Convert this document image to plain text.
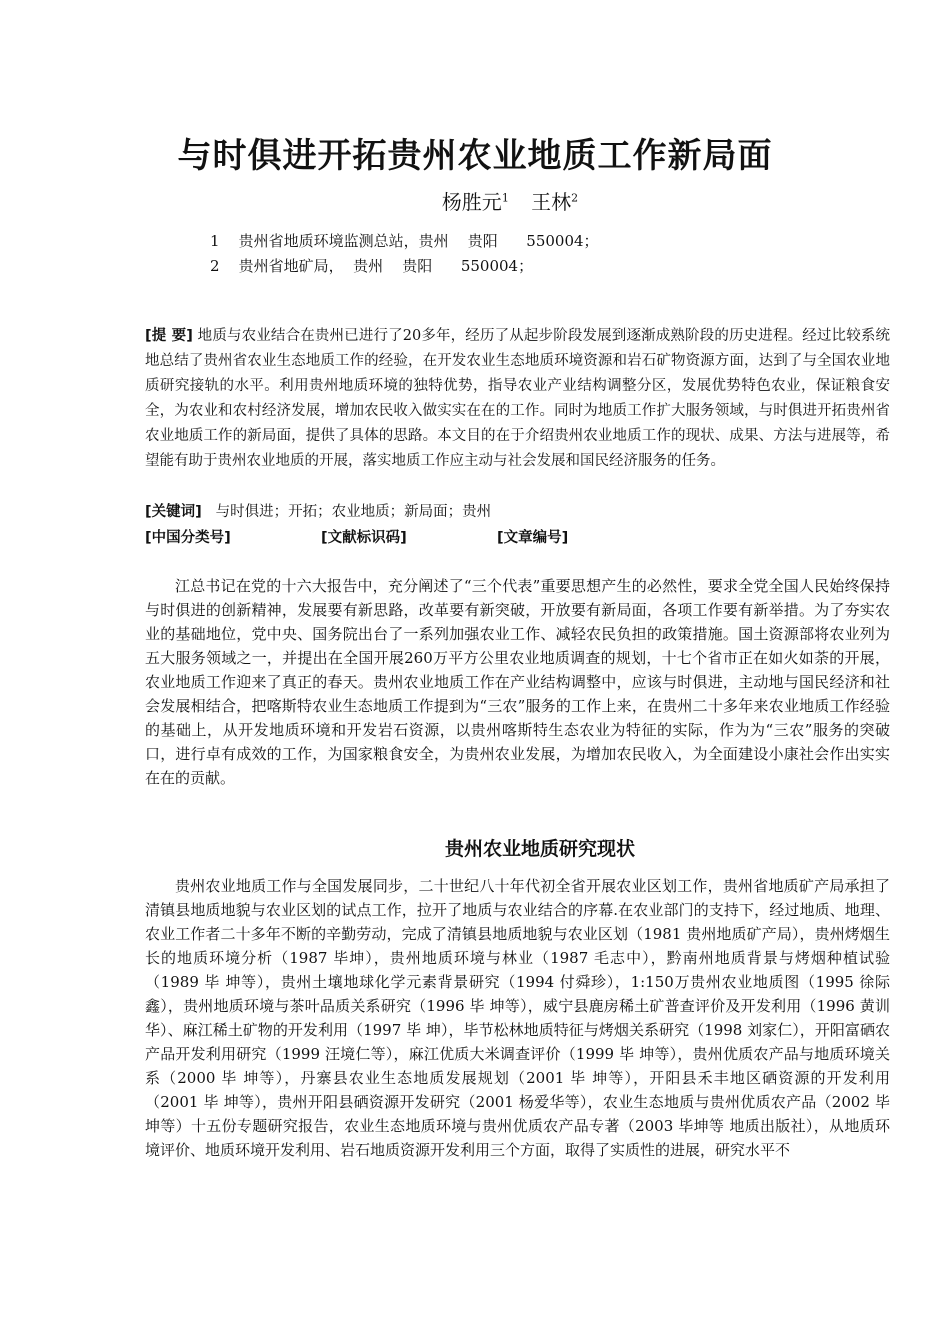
与时俱进开拓贵州农业地质工作新局面

杨胜元$^1$ 王林$^2$

1    贵州省地质环境监测总站，贵州    贵阳      550004；

2    贵州省地矿局，  贵州    贵阳      550004；

[提 要] 地质与农业结合在贵州已进行了20多年，经历了从起步阶段发展到逐渐成熟阶段的历史进程。经过比较系统地总结了贵州省农业生态地质工作的经验，在开发农业生态地质环境资源和岩石矿物资源方面，达到了与全国农业地质研究接轨的水平。利用贵州地质环境的独特优势，指导农业产业结构调整分区，发展优势特色农业，保证粮食安全，为农业和农村经济发展，增加农民收入做实实在在的工作。同时为地质工作扩大服务领域，与时俱进开拓贵州省农业地质工作的新局面，提供了具体的思路。本文目的在于介绍贵州农业地质工作的现状、成果、方法与进展等，希望能有助于贵州农业地质的开展，落实地质工作应主动与社会发展和国民经济服务的任务。

[关键词] 与时俱进；开拓；农业地质；新局面；贵州

[中国分类号]	[文献标识码]	[文章编号]

江总书记在党的十六大报告中，充分阐述了“三个代表”重要思想产生的必然性，要求全党全国人民始终保持与时俱进的创新精神，发展要有新思路，改革要有新突破，开放要有新局面，各项工作要有新举措。为了夯实农业的基础地位，党中央、国务院出台了一系列加强农业工作、减轻农民负担的政策措施。国土资源部将农业列为五大服务领域之一，并提出在全国开展260万平方公里农业地质调查的规划，十七个省市正在如火如荼的开展，农业地质工作迎来了真正的春天。贵州农业地质工作在产业结构调整中，应该与时俱进，主动地与国民经济和社会发展相结合，把喀斯特农业生态地质工作提到为“三农”服务的工作上来，在贵州二十多年来农业地质工作经验的基础上，从开发地质环境和开发岩石资源，以贵州喀斯特生态农业为特征的实际，作为为“三农”服务的突破口，进行卓有成效的工作，为国家粮食安全，为贵州农业发展，为增加农民收入，为全面建设小康社会作出实实在在的贡献。

贵州农业地质研究现状

贵州农业地质工作与全国发展同步，二十世纪八十年代初全省开展农业区划工作，贵州省地质矿产局承担了清镇县地质地貌与农业区划的试点工作，拉开了地质与农业结合的序幕.在农业部门的支持下，经过地质、地理、农业工作者二十多年不断的辛勤劳动，完成了清镇县地质地貌与农业区划（1981 贵州地质矿产局），贵州烤烟生长的地质环境分析（1987 毕坤），贵州地质环境与林业（1987 毛志中），黔南州地质背景与烤烟种植试验（1989 毕 坤等），贵州土壤地球化学元素背景研究（1994 付舜珍），1:150万贵州农业地质图（1995 徐际鑫），贵州地质环境与茶叶品质关系研究（1996 毕 坤等），威宁县鹿房稀土矿普查评价及开发利用（1996 黄训华）、麻江稀土矿物的开发利用（1997 毕 坤），毕节松林地质特征与烤烟关系研究（1998 刘家仁），开阳富硒农产品开发利用研究（1999 汪境仁等），麻江优质大米调查评价（1999 毕 坤等），贵州优质农产品与地质环境关系（2000 毕 坤等），丹寨县农业生态地质发展规划（2001 毕 坤等），开阳县禾丰地区硒资源的开发利用（2001 毕 坤等），贵州开阳县硒资源开发研究（2001 杨爱华等），农业生态地质与贵州优质农产品（2002 毕 坤等）十五份专题研究报告，农业生态地质环境与贵州优质农产品专著（2003 毕坤等 地质出版社），从地质环境评价、地质环境开发利用、岩石地质资源开发利用三个方面，取得了实质性的进展，研究水平不
